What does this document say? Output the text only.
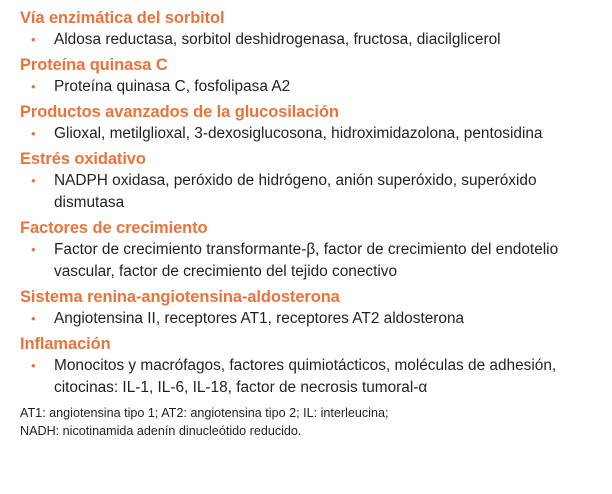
Vía enzimática del sorbitol
• Aldosa reductasa, sorbitol deshidrogenasa, fructosa, diacilglicerol
Proteína quinasa C
• Proteína quinasa C, fosfolipasa A2
Productos avanzados de la glucosilación
• Glioxal, metilglioxal, 3-dexosiglucosona, hidroximidazolona, pentosidina
Estrés oxidativo
• NADPH oxidasa, peróxido de hidrógeno, anión superóxido, superóxido dismutasa
Factores de crecimiento
• Factor de crecimiento transformante-β, factor de crecimiento del endotelio vascular, factor de crecimiento del tejido conectivo
Sistema renina-angiotensina-aldosterona
• Angiotensina II, receptores AT1, receptores AT2 aldosterona
Inflamación
• Monocitos y macrófagos, factores quimiotácticos, moléculas de adhesión, citocinas: IL-1, IL-6, IL-18, factor de necrosis tumoral-α

AT1: angiotensina tipo 1; AT2: angiotensina tipo 2; IL: interleucina;

NADH: nicotinamida adenín dinucleótido reducido.
